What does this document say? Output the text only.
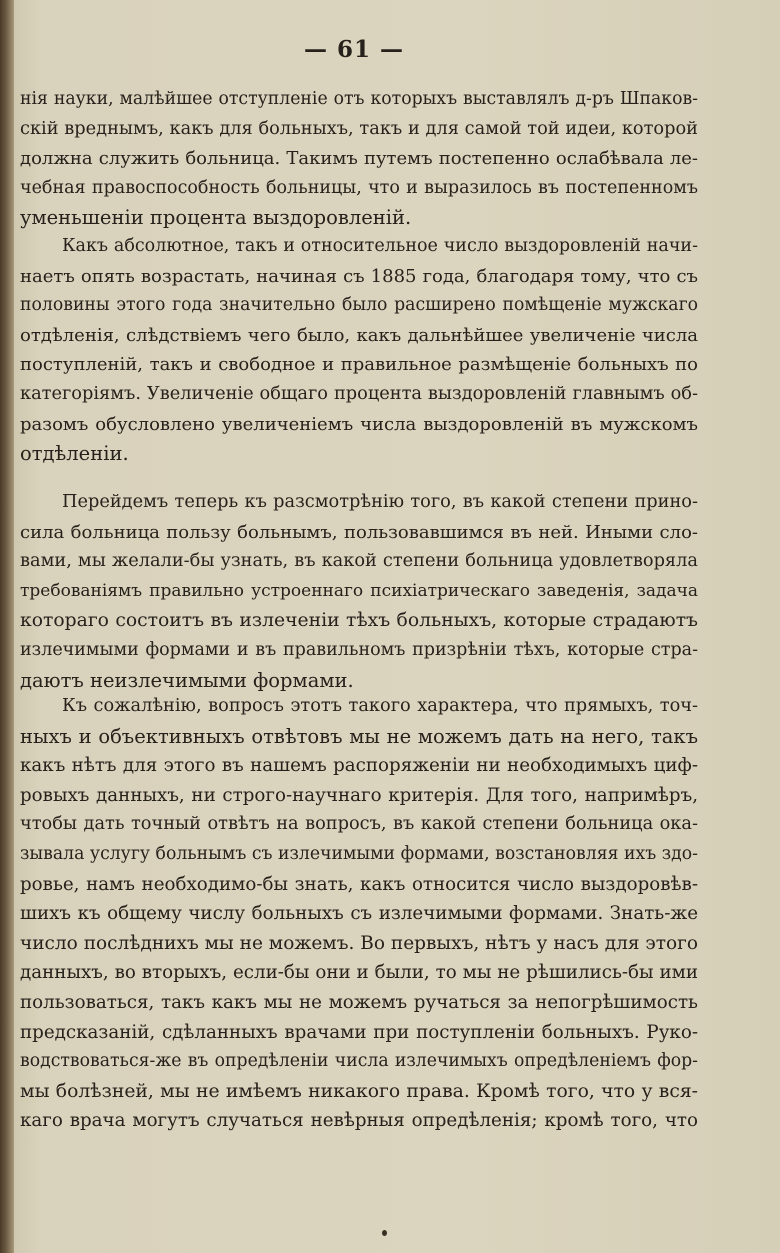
— 61 —
нія науки, малѣйшее отступленіе отъ которыхъ выставлялъ д-ръ Шпаков-
скій вреднымъ, какъ для больныхъ, такъ и для самой той идеи, которой
должна служить больница. Такимъ путемъ постепенно ослабѣвала ле-
чебная правоспособность больницы, что и выразилось въ постепенномъ
уменьшеніи процента выздоровленій.
Какъ абсолютное, такъ и относительное число выздоровленій начи-
наетъ опять возрастать, начиная съ 1885 года, благодаря тому, что съ
половины этого года значительно было расширено помѣщеніе мужскаго
отдѣленія, слѣдствіемъ чего было, какъ дальнѣйшее увеличеніе числа
поступленій, такъ и свободное и правильное размѣщеніе больныхъ по
категоріямъ. Увеличеніе общаго процента выздоровленій главнымъ об-
разомъ обусловлено увеличеніемъ числа выздоровленій въ мужскомъ
отдѣленіи.
Перейдемъ теперь къ разсмотрѣнію того, въ какой степени прино-
сила больница пользу больнымъ, пользовавшимся въ ней. Иными сло-
вами, мы желали-бы узнать, въ какой степени больница удовлетворяла
требованіямъ правильно устроеннаго психіатрическаго заведенія, задача
котораго состоитъ въ излеченіи тѣхъ больныхъ, которые страдаютъ
излечимыми формами и въ правильномъ призрѣніи тѣхъ, которые стра-
даютъ неизлечимыми формами.
Къ сожалѣнію, вопросъ этотъ такого характера, что прямыхъ, точ-
ныхъ и объективныхъ отвѣтовъ мы не можемъ дать на него, такъ
какъ нѣтъ для этого въ нашемъ распоряженіи ни необходимыхъ циф-
ровыхъ данныхъ, ни строго-научнаго критерія. Для того, напримѣръ,
чтобы дать точный отвѣтъ на вопросъ, въ какой степени больница ока-
зывала услугу больнымъ съ излечимыми формами, возстановляя ихъ здо-
ровье, намъ необходимо-бы знать, какъ относится число выздоровѣв-
шихъ къ общему числу больныхъ съ излечимыми формами. Знать-же
число послѣднихъ мы не можемъ. Во первыхъ, нѣтъ у насъ для этого
данныхъ, во вторыхъ, если-бы они и были, то мы не рѣшились-бы ими
пользоваться, такъ какъ мы не можемъ ручаться за непогрѣшимость
предсказаній, сдѣланныхъ врачами при поступленіи больныхъ. Руко-
водствоваться-же въ опредѣленіи числа излечимыхъ опредѣленіемъ фор-
мы болѣзней, мы не имѣемъ никакого права. Кромѣ того, что у вся-
каго врача могутъ случаться невѣрныя опредѣленія; кромѣ того, что
